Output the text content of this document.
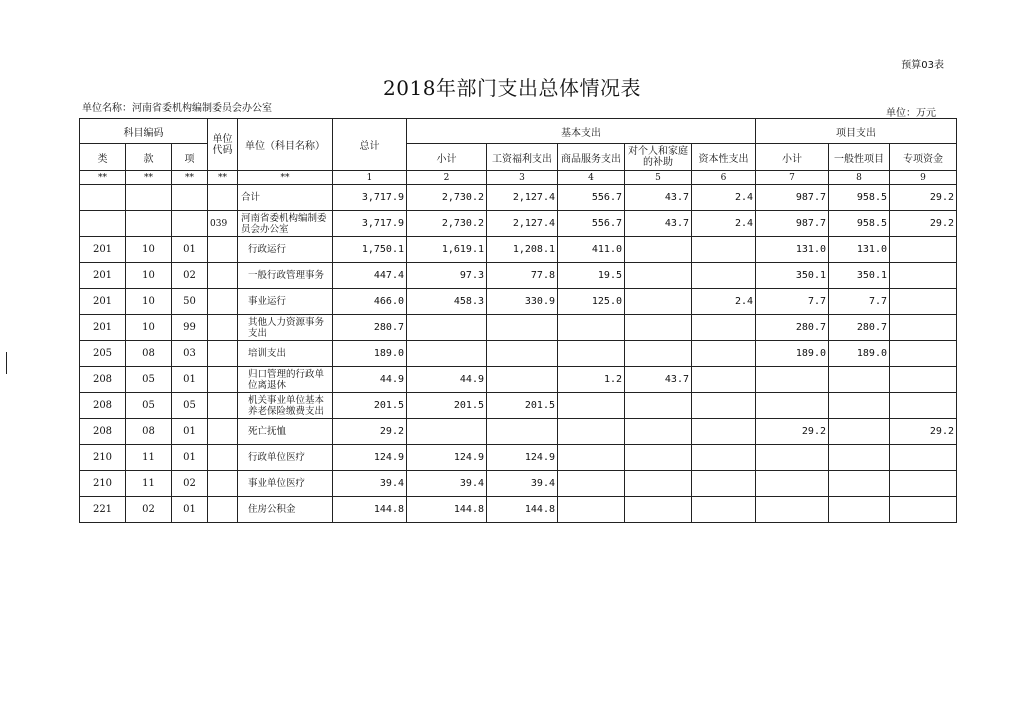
预算03表
2018年部门支出总体情况表
单位名称：河南省委机构编制委员会办公室	单位：万元
科目编码			单位代码	单位（科目名称）	总计	基本支出					项目支出		
类	款	项				小计	工资福利支出	商品服务支出	对个人和家庭的补助	资本性支出	小计	一般性项目	专项资金
**	**	**	**	**	1	2	3	4	5	6	7	8	9
				合计	3,717.9	2,730.2	2,127.4	556.7	43.7	2.4	987.7	958.5	29.2
			039	河南省委机构编制委员会办公室	3,717.9	2,730.2	2,127.4	556.7	43.7	2.4	987.7	958.5	29.2
201	10	01		行政运行	1,750.1	1,619.1	1,208.1	411.0			131.0	131.0	
201	10	02		一般行政管理事务	447.4	97.3	77.8	19.5			350.1	350.1	
201	10	50		事业运行	466.0	458.3	330.9	125.0		2.4	7.7	7.7	
201	10	99		其他人力资源事务支出	280.7						280.7	280.7	
205	08	03		培训支出	189.0						189.0	189.0	
208	05	01		归口管理的行政单位离退休	44.9	44.9		1.2	43.7				
208	05	05		机关事业单位基本养老保险缴费支出	201.5	201.5	201.5						
208	08	01		死亡抚恤	29.2						29.2		29.2
210	11	01		行政单位医疗	124.9	124.9	124.9						
210	11	02		事业单位医疗	39.4	39.4	39.4						
221	02	01		住房公积金	144.8	144.8	144.8						
